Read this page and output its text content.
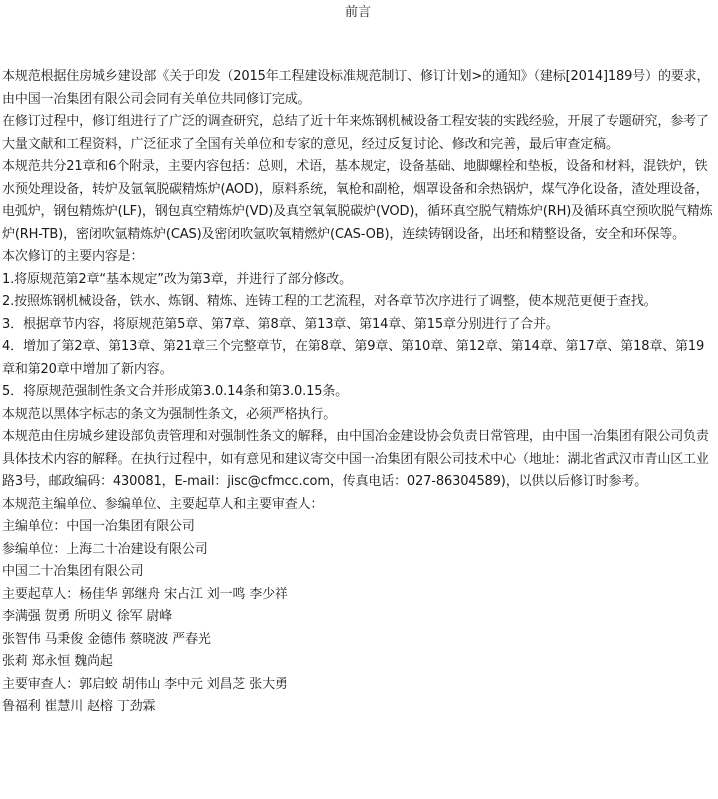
前言

本规范根据住房城乡建设部《关于印发（2015年工程建设标准规范制订、修订计划>的通知》（建标[2014]189号）的要求，由中国一冶集团有限公司会同有关单位共同修订完成。

在修订过程中，修订组进行了广泛的调查研究，总结了近十年来炼钢机械设备工程安装的实践经验，开展了专题研究，参考了大量文献和工程资料，广泛征求了全国有关单位和专家的意见，经过反复讨论、修改和完善，最后审查定稿。

本规范共分21章和6个附录，主要内容包括：总则，术语，基本规定，设备基础、地脚螺栓和垫板，设备和材料，混铁炉，铁水预处理设备，转炉及氩氧脱碳精炼炉(AOD)，原料系统，氧枪和副枪，烟罩设备和余热锅炉，煤气净化设备，渣处理设备，电弧炉，钢包精炼炉(LF)，钢包真空精炼炉(VD)及真空氧氧脱碳炉(VOD)，循环真空脱气精炼炉(RH)及循环真空预吹脱气精炼炉(RH-TB)，密闭吹氩精炼炉(CAS)及密闭吹氩吹氧精燃炉(CAS-OB)，连续铸钢设备，出坯和精整设备，安全和环保等。

本次修订的主要内容是：

1.将原规范第2章“基本规定”改为第3章，并进行了部分修改。

2.按照炼钢机械设备，铁水、炼钢、精炼、连铸工程的工艺流程，对各章节次序进行了调整，使本规范更便于查找。

3．根据章节内容，将原规范第5章、第7章、第8章、第13章、第14章、第15章分别进行了合并。

4．增加了第2章、第13章、第21章三个完整章节，在第8章、第9章、第10章、第12章、第14章、第17章、第18章、第19章和第20章中增加了新内容。

5．将原规范强制性条文合并形成第3.0.14条和第3.0.15条。

本规范以黑体字标志的条文为强制性条文，必须严格执行。

本规范由住房城乡建设部负责管理和对强制性条文的解释，由中国冶金建设协会负责日常管理，由中国一冶集团有限公司负责具体技术内容的解释。在执行过程中，如有意见和建议寄交中国一冶集团有限公司技术中心（地址：湖北省武汉市青山区工业路3号，邮政编码：430081，E-mail：jisc@cfmcc.com，传真电话：027-86304589)，以供以后修订时参考。

本规范主编单位、参编单位、主要起草人和主要审查人：

主编单位：中国一冶集团有限公司

参编单位：上海二十冶建设有限公司

中国二十冶集团有限公司

主要起草人：杨佳华 郭继舟 宋占江 刘一鸣 李少祥

李满强 贺勇 所明义 徐军 尉峰

张智伟 马秉俊 金德伟 蔡晓波 严春光

张莉 郑永恒 魏尚起

主要审查人：郭启蛟 胡伟山 李中元 刘昌芝 张大勇

鲁福利 崔慧川 赵榕 丁劲霖
